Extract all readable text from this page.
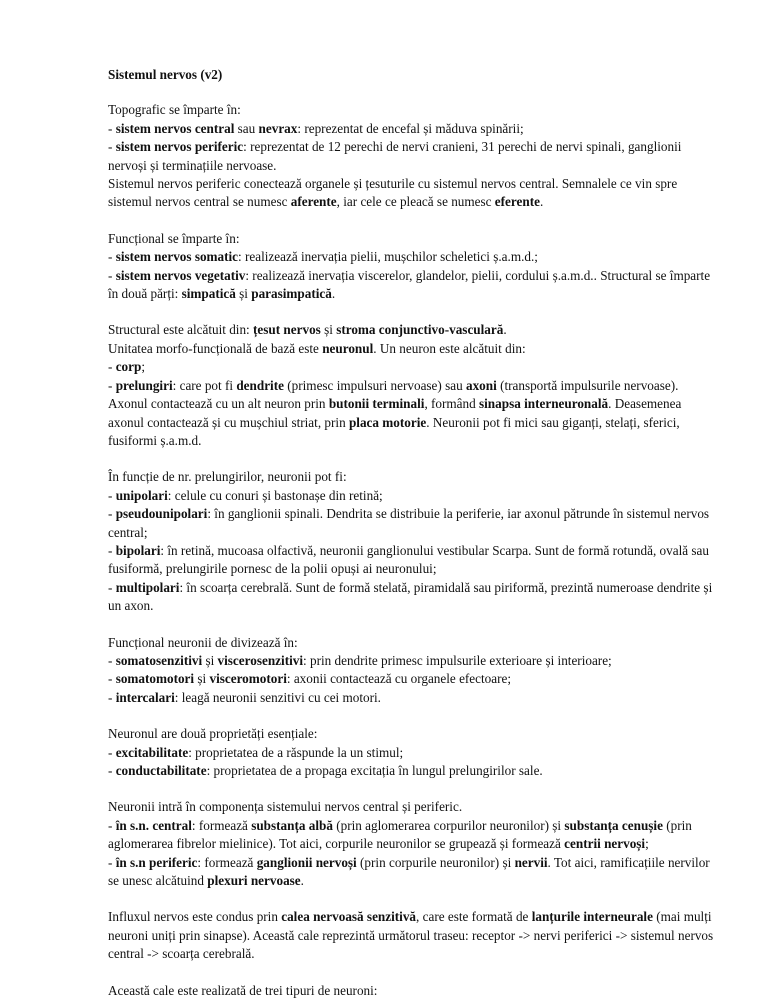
Sistemul nervos (v2)
Topografic se împarte în:
- sistem nervos central sau nevrax: reprezentat de encefal și măduva spinării;
- sistem nervos periferic: reprezentat de 12 perechi de nervi cranieni, 31 perechi de nervi spinali, ganglionii nervoși și terminațiile nervoase.
Sistemul nervos periferic conectează organele și țesuturile cu sistemul nervos central. Semnalele ce vin spre sistemul nervos central se numesc aferente, iar cele ce pleacă se numesc eferente.
Funcțional se împarte în:
- sistem nervos somatic: realizează inervația pielii, mușchilor scheletici ș.a.m.d.;
- sistem nervos vegetativ: realizează inervația viscerelor, glandelor, pielii, cordului ș.a.m.d.. Structural se împarte în două părți: simpatică și parasimpatică.
Structural este alcătuit din: țesut nervos și stroma conjunctivo-vasculară.
Unitatea morfo-funcțională de bază este neuronul. Un neuron este alcătuit din:
- corp;
- prelungiri: care pot fi dendrite (primesc impulsuri nervoase) sau axoni (transportă impulsurile nervoase). Axonul contactează cu un alt neuron prin butonii terminali, formând sinapsa interneuronală. Deasemenea axonul contactează și cu mușchiul striat, prin placa motorie. Neuronii pot fi mici sau giganți, stelați, sferici, fusiformi ș.a.m.d.
În funcție de nr. prelungirilor, neuronii pot fi:
- unipolari: celule cu conuri și bastonașe din retină;
- pseudounipolari: în ganglionii spinali. Dendrita se distribuie la periferie, iar axonul pătrunde în sistemul nervos central;
- bipolari: în retină, mucoasa olfactivă, neuronii ganglionului vestibular Scarpa. Sunt de formă rotundă, ovală sau fusiformă, prelungirile pornesc de la polii opuși ai neuronului;
- multipolari: în scoarța cerebrală. Sunt de formă stelată, piramidală sau piriformă, prezintă numeroase dendrite și un axon.
Funcțional neuronii de divizează în:
- somatosenzitivi și viscerosenzitivi: prin dendrite primesc impulsurile exterioare și interioare;
- somatomotori și visceromotori: axonii contactează cu organele efectoare;
- intercalari: leagă neuronii senzitivi cu cei motori.
Neuronul are două proprietăți esențiale:
- excitabilitate: proprietatea de a răspunde la un stimul;
- conductabilitate: proprietatea de a propaga excitația în lungul prelungirilor sale.
Neuronii intră în componența sistemului nervos central și periferic.
- în s.n. central: formează substanța albă (prin aglomerarea corpurilor neuronilor) și substanța cenușie (prin aglomerarea fibrelor mielinice). Tot aici, corpurile neuronilor se grupează și formează centrii nervoși;
- în s.n periferic: formează ganglionii nervoși (prin corpurile neuronilor) și nervii. Tot aici, ramificațiile nervilor se unesc alcătuind plexuri nervoase.
Influxul nervos este condus prin calea nervoasă senzitivă, care este formată de lanțurile interneurale (mai mulți neuroni uniți prin sinapse). Această cale reprezintă următorul traseu: receptor -> nervi periferici -> sistemul nervos central -> scoarța cerebrală.
Această cale este realizată de trei tipuri de neuroni:
